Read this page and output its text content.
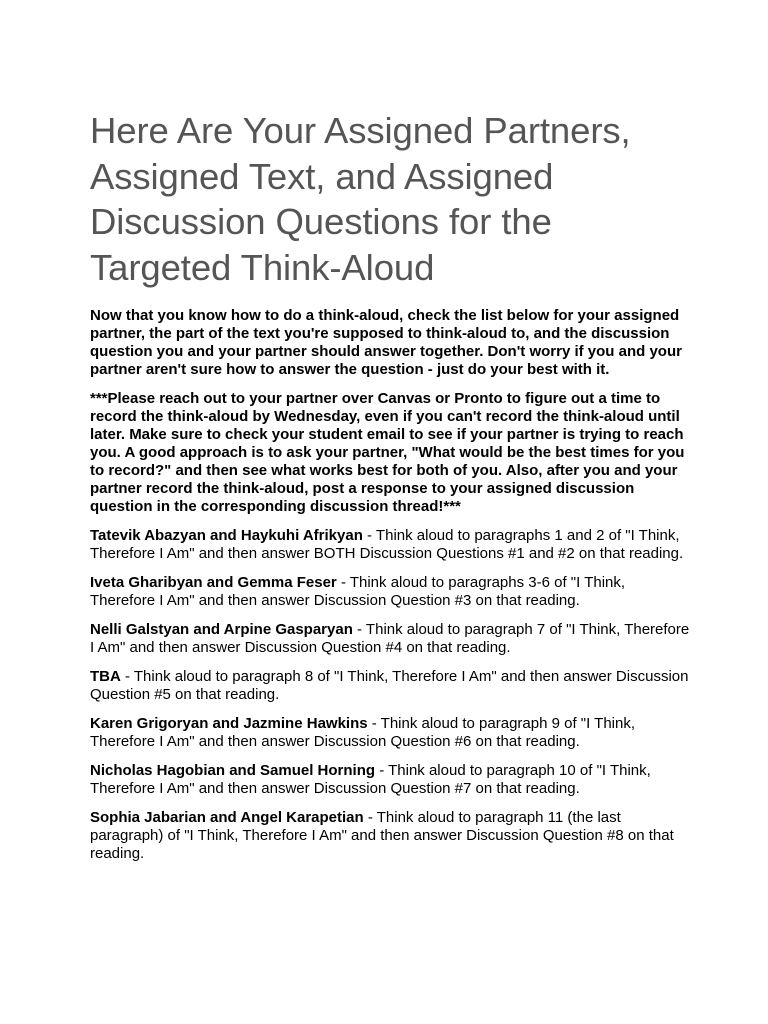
Here Are Your Assigned Partners, Assigned Text, and Assigned Discussion Questions for the Targeted Think-Aloud

Now that you know how to do a think-aloud, check the list below for your assigned partner, the part of the text you're supposed to think-aloud to, and the discussion question you and your partner should answer together. Don't worry if you and your partner aren't sure how to answer the question - just do your best with it.

***Please reach out to your partner over Canvas or Pronto to figure out a time to record the think-aloud by Wednesday, even if you can't record the think-aloud until later. Make sure to check your student email to see if your partner is trying to reach you. A good approach is to ask your partner, "What would be the best times for you to record?" and then see what works best for both of you. Also, after you and your partner record the think-aloud, post a response to your assigned discussion question in the corresponding discussion thread!***

Tatevik Abazyan and Haykuhi Afrikyan - Think aloud to paragraphs 1 and 2 of "I Think, Therefore I Am" and then answer BOTH Discussion Questions #1 and #2 on that reading.

Iveta Gharibyan and Gemma Feser - Think aloud to paragraphs 3-6 of "I Think, Therefore I Am" and then answer Discussion Question #3 on that reading.

Nelli Galstyan and Arpine Gasparyan - Think aloud to paragraph 7 of "I Think, Therefore I Am" and then answer Discussion Question #4 on that reading.

TBA - Think aloud to paragraph 8 of "I Think, Therefore I Am" and then answer Discussion Question #5 on that reading.

Karen Grigoryan and Jazmine Hawkins - Think aloud to paragraph 9 of "I Think, Therefore I Am" and then answer Discussion Question #6 on that reading.

Nicholas Hagobian and Samuel Horning - Think aloud to paragraph 10 of "I Think, Therefore I Am" and then answer Discussion Question #7 on that reading.

Sophia Jabarian and Angel Karapetian - Think aloud to paragraph 11 (the last paragraph) of "I Think, Therefore I Am" and then answer Discussion Question #8 on that reading.
